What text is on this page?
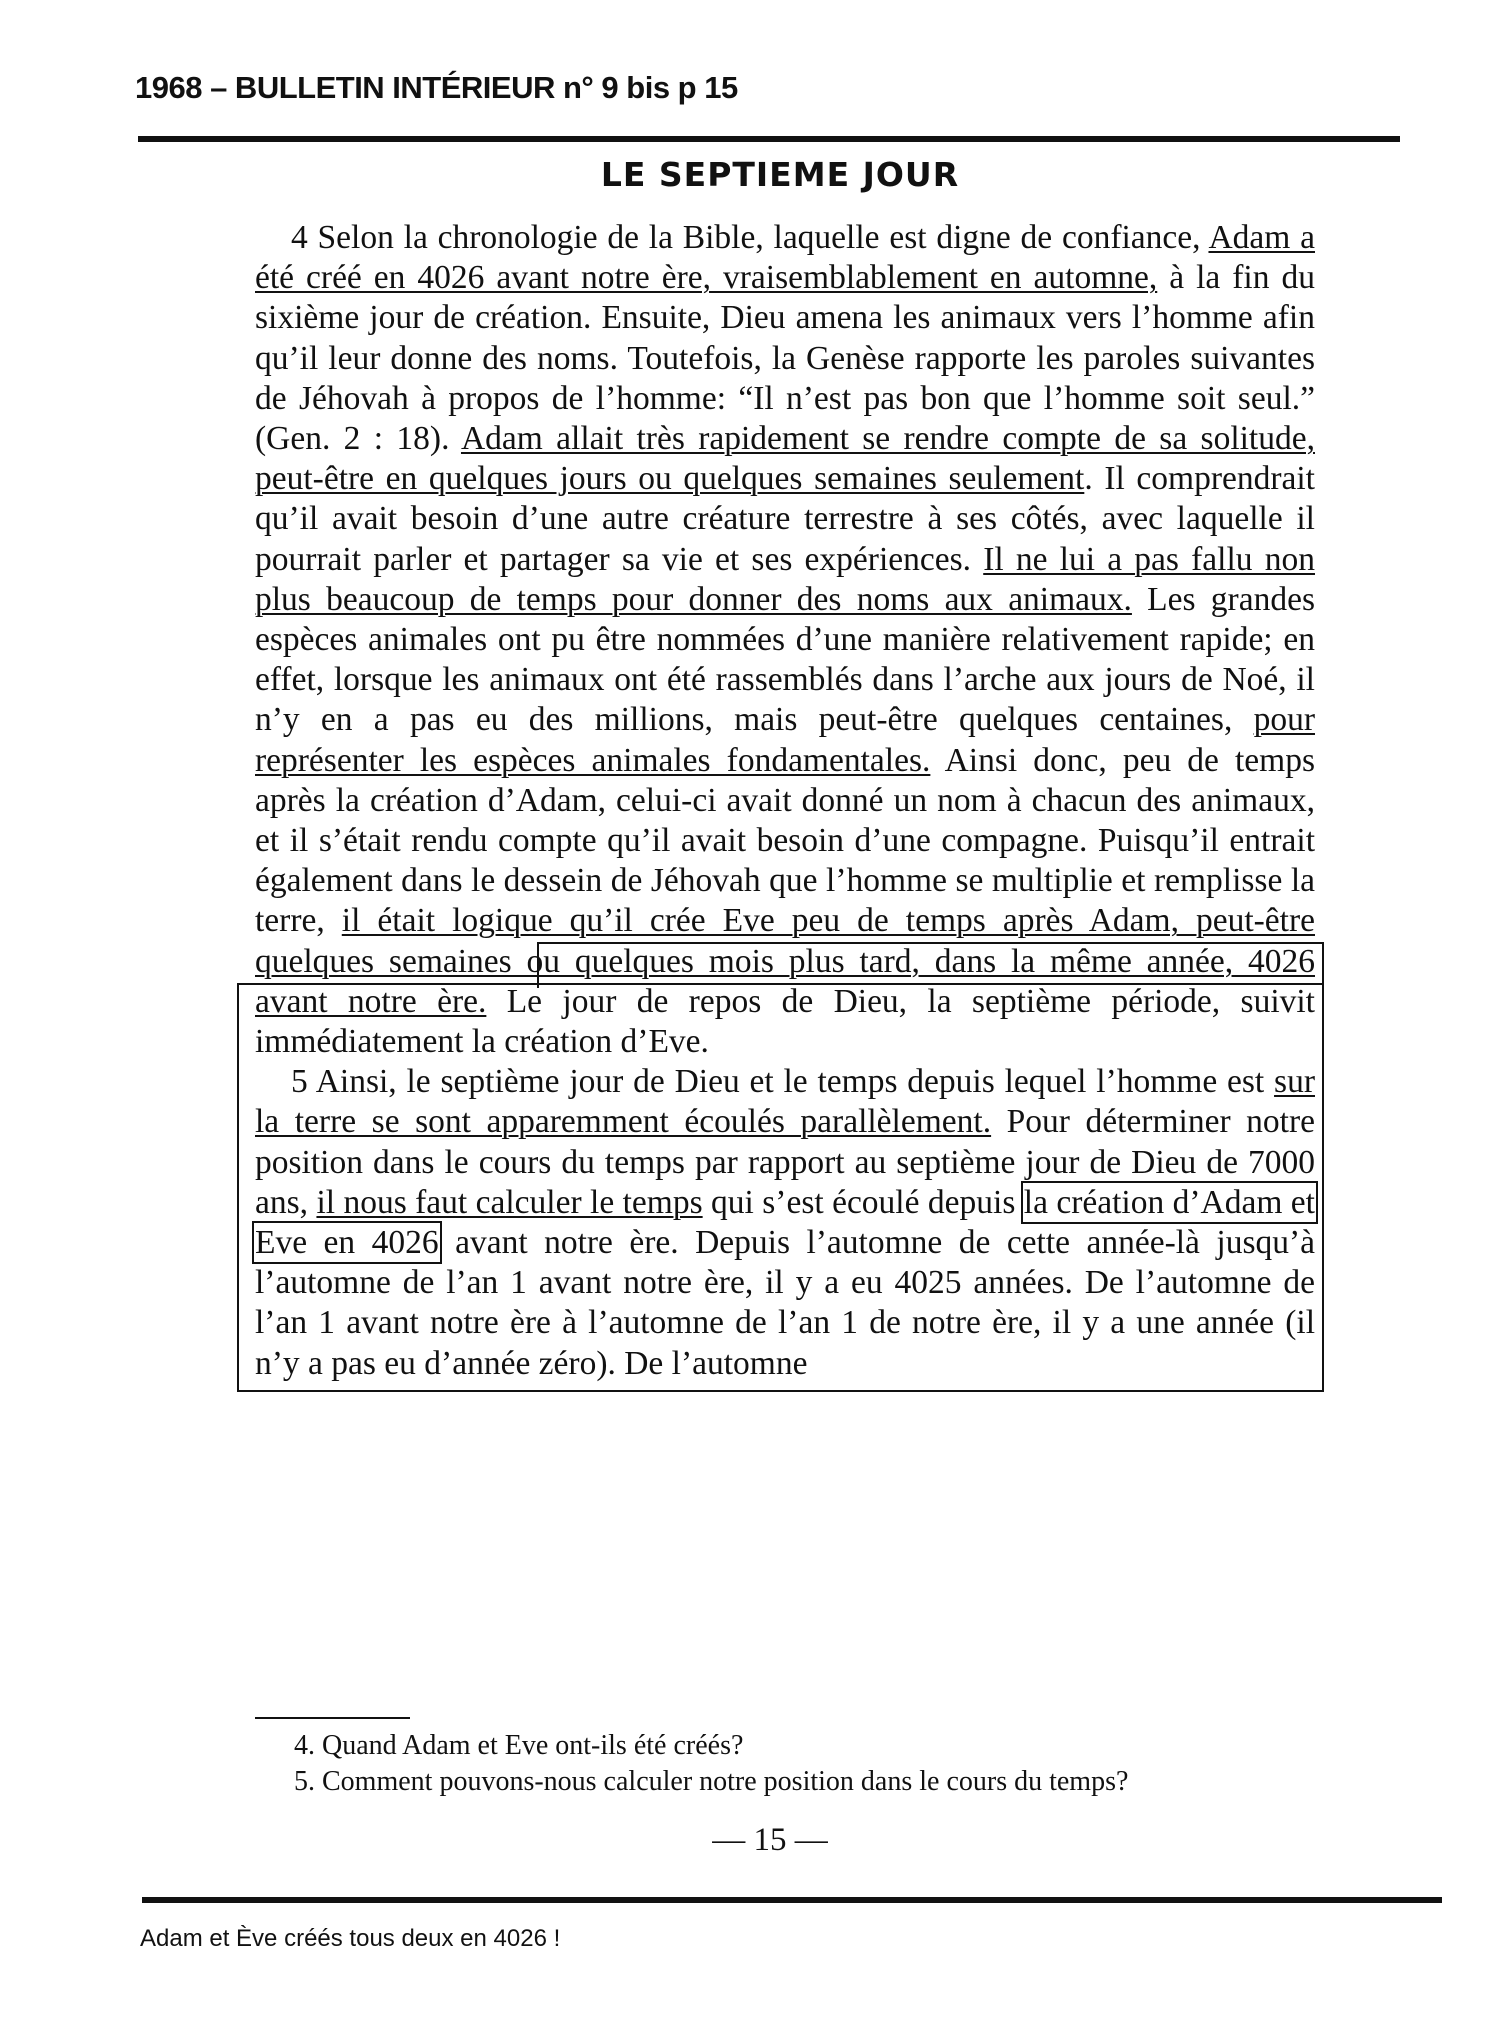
1968 – BULLETIN INTÉRIEUR n° 9 bis p 15
LE SEPTIEME JOUR

4 Selon la chronologie de la Bible, laquelle est digne de confiance, Adam a été créé en 4026 avant notre ère, vraisemblablement en automne, à la fin du sixième jour de création. Ensuite, Dieu amena les animaux vers l’homme afin qu’il leur donne des noms. Toutefois, la Genèse rapporte les paroles suivantes de Jéhovah à propos de l’homme: “Il n’est pas bon que l’homme soit seul.” (Gen. 2 : 18). Adam allait très rapidement se rendre compte de sa solitude, peut-être en quelques jours ou quelques semaines seulement. Il comprendrait qu’il avait besoin d’une autre créature terrestre à ses côtés, avec laquelle il pourrait parler et partager sa vie et ses expériences. Il ne lui a pas fallu non plus beaucoup de temps pour donner des noms aux animaux. Les grandes espèces animales ont pu être nommées d’une manière relativement rapide; en effet, lorsque les animaux ont été rassemblés dans l’arche aux jours de Noé, il n’y en a pas eu des millions, mais peut-être quelques centaines, pour représenter les espèces animales fondamentales. Ainsi donc, peu de temps après la création d’Adam, celui-ci avait donné un nom à chacun des animaux, et il s’était rendu compte qu’il avait besoin d’une compagne. Puisqu’il entrait également dans le dessein de Jéhovah que l’homme se multiplie et remplisse la terre, il était logique qu’il crée Eve peu de temps après Adam, peut-être quelques semaines ou quelques mois plus tard, dans la même année, 4026 avant notre ère. Le jour de repos de Dieu, la septième période, suivit immédiatement la création d’Eve.

5 Ainsi, le septième jour de Dieu et le temps depuis lequel l’homme est sur la terre se sont apparemment écoulés parallèlement. Pour déterminer notre position dans le cours du temps par rapport au septième jour de Dieu de 7000 ans, il nous faut calculer le temps qui s’est écoulé depuis la création d’Adam et Eve en 4026 avant notre ère. Depuis l’automne de cette année-là jusqu’à l’automne de l’an 1 avant notre ère, il y a eu 4025 années. De l’automne de l’an 1 avant notre ère à l’automne de l’an 1 de notre ère, il y a une année (il n’y a pas eu d’année zéro). De l’automne

4. Quand Adam et Eve ont-ils été créés?

5. Comment pouvons-nous calculer notre position dans le cours du temps?

— 15 —
Adam et Ève créés tous deux en 4026 !
